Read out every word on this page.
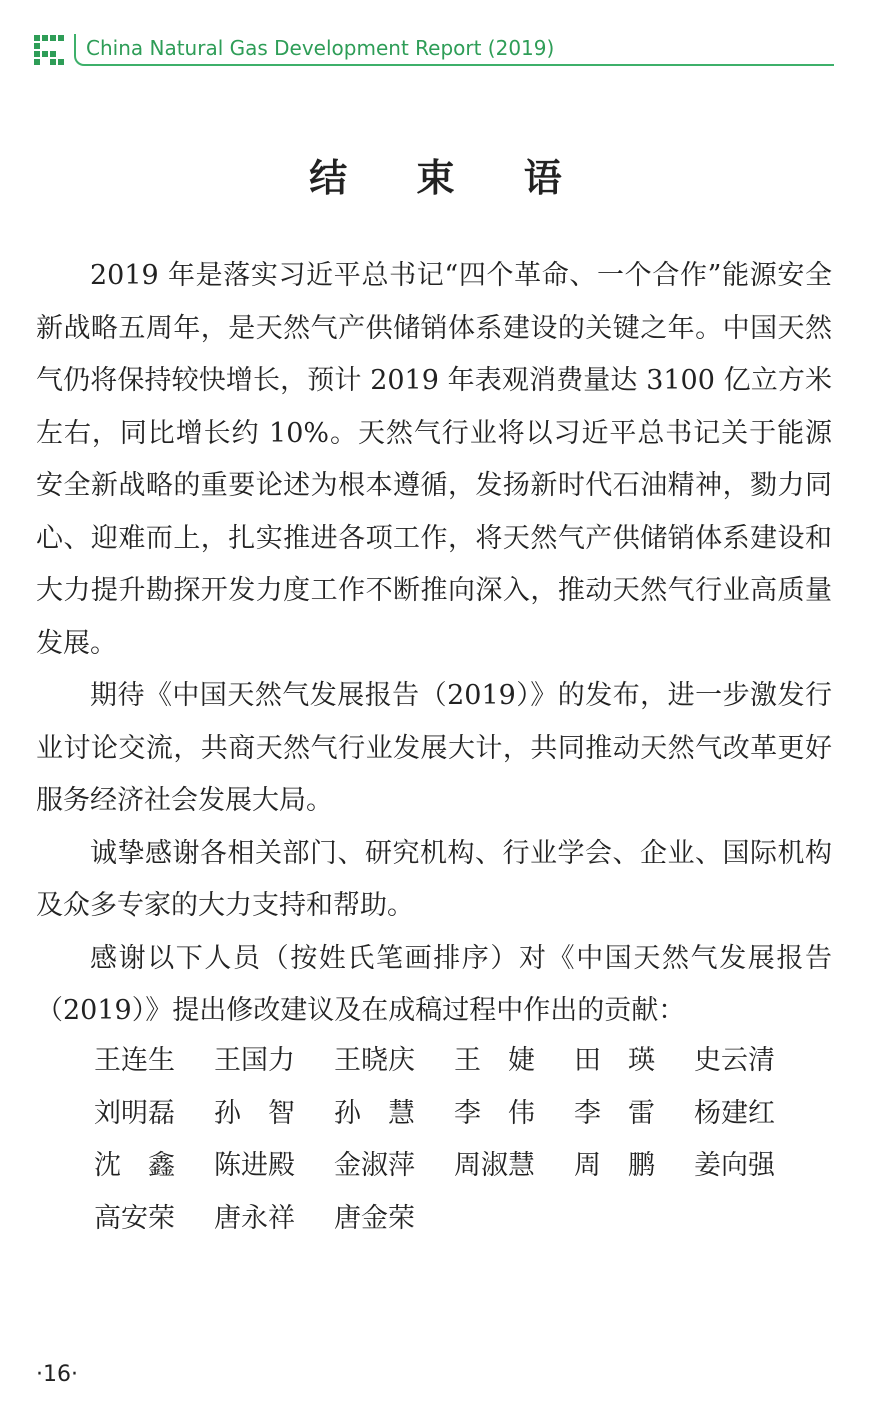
China Natural Gas Development Report (2019)
结 束 语

2019 年是落实习近平总书记“四个革命、一个合作”能源安全新战略五周年，是天然气产供储销体系建设的关键之年。中国天然气仍将保持较快增长，预计 2019 年表观消费量达 3100 亿立方米左右，同比增长约 10%。天然气行业将以习近平总书记关于能源安全新战略的重要论述为根本遵循，发扬新时代石油精神，勠力同心、迎难而上，扎实推进各项工作，将天然气产供储销体系建设和大力提升勘探开发力度工作不断推向深入，推动天然气行业高质量发展。

期待《中国天然气发展报告（2019）》的发布，进一步激发行业讨论交流，共商天然气行业发展大计，共同推动天然气改革更好服务经济社会发展大局。

诚挚感谢各相关部门、研究机构、行业学会、企业、国际机构及众多专家的大力支持和帮助。

感谢以下人员（按姓氏笔画排序）对《中国天然气发展报告（2019）》提出修改建议及在成稿过程中作出的贡献：

王连生	王国力	王晓庆	王　婕	田　瑛	史云清
刘明磊	孙　智	孙　慧	李　伟	李　雷	杨建红
沈　鑫	陈进殿	金淑萍	周淑慧	周　鹏	姜向强
高安荣	唐永祥	唐金荣
·16·
